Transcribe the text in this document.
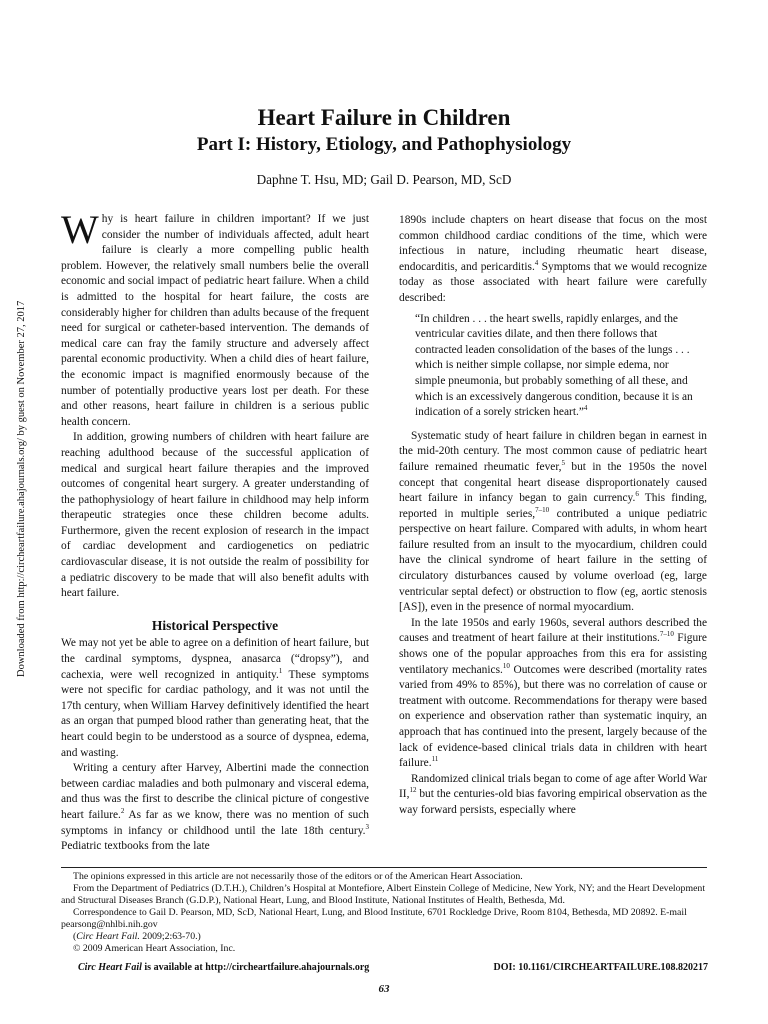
Heart Failure in Children
Part I: History, Etiology, and Pathophysiology
Daphne T. Hsu, MD; Gail D. Pearson, MD, ScD
Downloaded from http://circheartfailure.ahajournals.org/ by guest on November 27, 2017

Why is heart failure in children important? If we just consider the number of individuals affected, adult heart failure is clearly a more compelling public health problem. However, the relatively small numbers belie the overall economic and social impact of pediatric heart failure. When a child is admitted to the hospital for heart failure, the costs are considerably higher for children than adults because of the frequent need for surgical or catheter-based intervention. The demands of medical care can fray the family structure and adversely affect parental economic productivity. When a child dies of heart failure, the economic impact is magnified enormously because of the number of potentially productive years lost per death. For these and other reasons, heart failure in children is a serious public health concern.

In addition, growing numbers of children with heart failure are reaching adulthood because of the successful application of medical and surgical heart failure therapies and the improved outcomes of congenital heart surgery. A greater understanding of the pathophysiology of heart failure in childhood may help inform therapeutic strategies once these children become adults. Furthermore, given the recent explosion of research in the impact of cardiac development and cardiogenetics on pediatric cardiovascular disease, it is not outside the realm of possibility for a pediatric discovery to be made that will also benefit adults with heart failure.

Historical Perspective

We may not yet be able to agree on a definition of heart failure, but the cardinal symptoms, dyspnea, anasarca (“dropsy”), and cachexia, were well recognized in antiquity.$^1$ These symptoms were not specific for cardiac pathology, and it was not until the 17th century, when William Harvey definitively identified the heart as an organ that pumped blood rather than generating heat, that the heart could begin to be understood as a source of dyspnea, edema, and wasting.

Writing a century after Harvey, Albertini made the connection between cardiac maladies and both pulmonary and visceral edema, and thus was the first to describe the clinical picture of congestive heart failure.$^2$ As far as we know, there was no mention of such symptoms in infancy or childhood until the late 18th century.$^3$ Pediatric textbooks from the late

1890s include chapters on heart disease that focus on the most common childhood cardiac conditions of the time, which were infectious in nature, including rheumatic heart disease, endocarditis, and pericarditis.$^4$ Symptoms that we would recognize today as those associated with heart failure were carefully described:

“In children . . . the heart swells, rapidly enlarges, and the ventricular cavities dilate, and then there follows that contracted leaden consolidation of the bases of the lungs . . . which is neither simple collapse, nor simple edema, nor simple pneumonia, but probably something of all these, and which is an excessively dangerous condition, because it is an indication of a sorely stricken heart.”$^4$

Systematic study of heart failure in children began in earnest in the mid-20th century. The most common cause of pediatric heart failure remained rheumatic fever,$^5$ but in the 1950s the novel concept that congenital heart disease disproportionately caused heart failure in infancy began to gain currency.$^6$ This finding, reported in multiple series,$^{7-10}$ contributed a unique pediatric perspective on heart failure. Compared with adults, in whom heart failure resulted from an insult to the myocardium, children could have the clinical syndrome of heart failure in the setting of circulatory disturbances caused by volume overload (eg, large ventricular septal defect) or obstruction to flow (eg, aortic stenosis [AS]), even in the presence of normal myocardium.

In the late 1950s and early 1960s, several authors described the causes and treatment of heart failure at their institutions.$^{7-10}$ Figure shows one of the popular approaches from this era for assisting ventilatory mechanics.$^{10}$ Outcomes were described (mortality rates varied from 49% to 85%), but there was no correlation of cause or treatment with outcome. Recommendations for therapy were based on experience and observation rather than systematic inquiry, an approach that has continued into the present, largely because of the lack of evidence-based clinical trials data in children with heart failure.$^{11}$

Randomized clinical trials began to come of age after World War II,$^{12}$ but the centuries-old bias favoring empirical observation as the way forward persists, especially where

The opinions expressed in this article are not necessarily those of the editors or of the American Heart Association.

From the Department of Pediatrics (D.T.H.), Children’s Hospital at Montefiore, Albert Einstein College of Medicine, New York, NY; and the Heart Development and Structural Diseases Branch (G.D.P.), National Heart, Lung, and Blood Institute, National Institutes of Health, Bethesda, Md.

Correspondence to Gail D. Pearson, MD, ScD, National Heart, Lung, and Blood Institute, 6701 Rockledge Drive, Room 8104, Bethesda, MD 20892. E-mail pearsong@nhlbi.nih.gov

(Circ Heart Fail. 2009;2:63-70.)

© 2009 American Heart Association, Inc.

Circ Heart Fail is available at http://circheartfailure.ahajournals.org	DOI: 10.1161/CIRCHEARTFAILURE.108.820217
63
